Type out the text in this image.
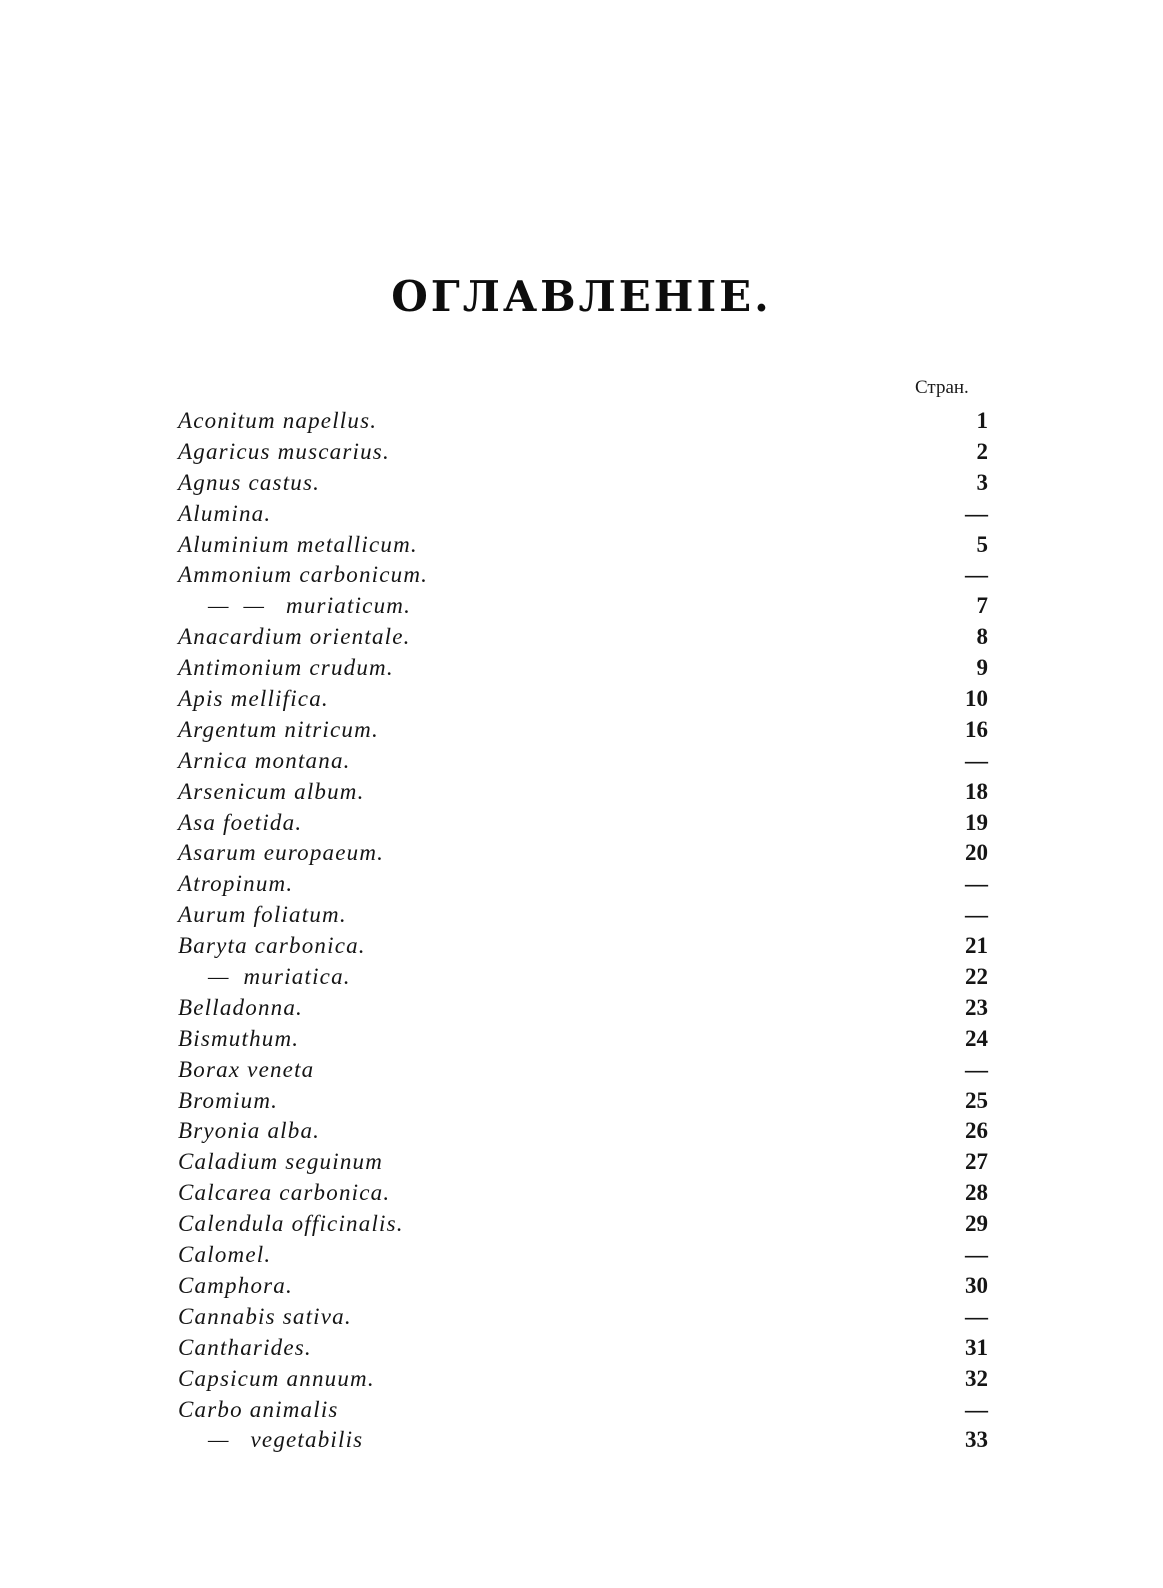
ОГЛАВЛЕНІЕ.
Стран.
Aconitum napellus.	1
Agaricus muscarius.	2
Agnus castus.	3
Alumina.	—
Aluminium metallicum.	5
Ammonium carbonicum.	—
—  —   muriaticum.	7
Anacardium orientale.	8
Antimonium crudum.	9
Apis mellifica.	10
Argentum nitricum.	16
Arnica montana.	—
Arsenicum album.	18
Asa foetida.	19
Asarum europaeum.	20
Atropinum.	—
Aurum foliatum.	—
Baryta carbonica.	21
—  muriatica.	22
Belladonna.	23
Bismuthum.	24
Borax veneta	—
Bromium.	25
Bryonia alba.	26
Caladium seguinum	27
Calcarea carbonica.	28
Calendula officinalis.	29
Calomel.	—
Camphora.	30
Cannabis sativa.	—
Cantharides.	31
Capsicum annuum.	32
Carbo animalis	—
—   vegetabilis	33
